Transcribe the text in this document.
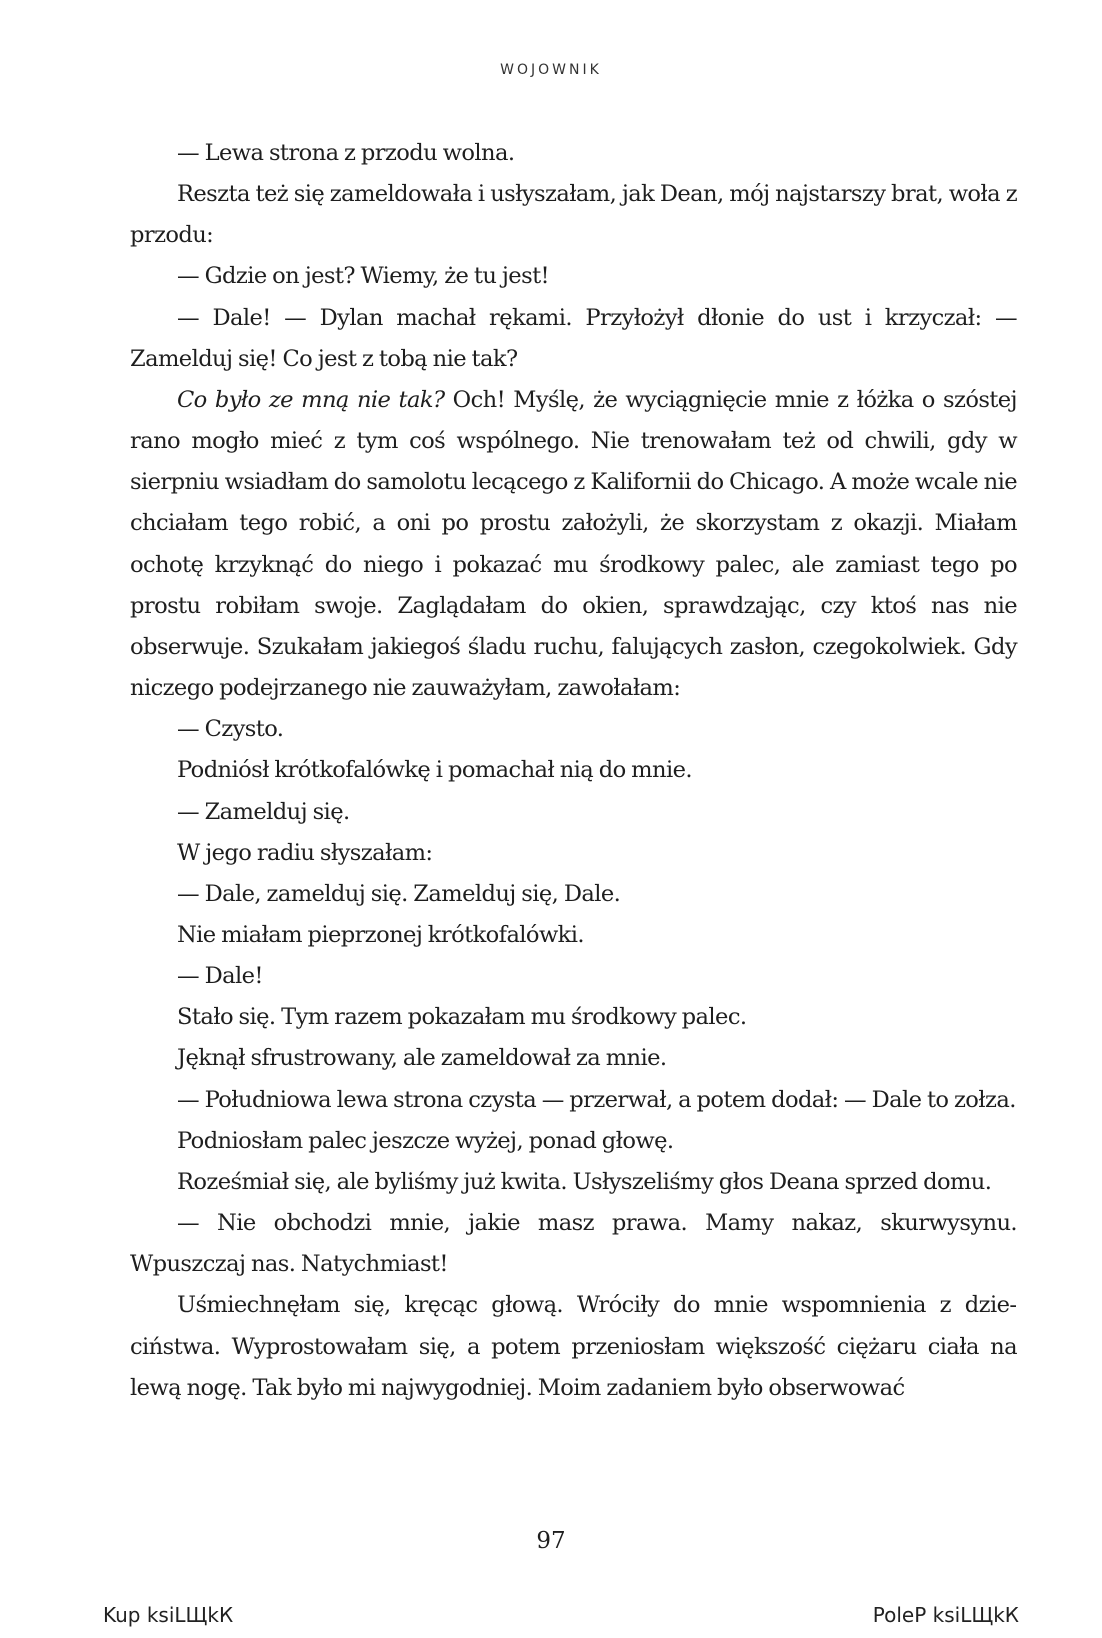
WOJOWNIK

— Lewa strona z przodu wolna.

Reszta też się zameldowała i usłyszałam, jak Dean, mój najstarszy brat, woła z przodu:

— Gdzie on jest? Wiemy, że tu jest!

— Dale! — Dylan machał rękami. Przyłożył dłonie do ust i krzyczał: — Zamelduj się! Co jest z tobą nie tak?

Co było ze mną nie tak? Och! Myślę, że wyciągnięcie mnie z łóżka o szóstej rano mogło mieć z tym coś wspólnego. Nie trenowałam też od chwili, gdy w sierpniu wsiadłam do samolotu lecącego z Kalifornii do Chicago. A może wcale nie chciałam tego robić, a oni po prostu założyli, że skorzystam z okazji. Miałam ochotę krzyknąć do niego i pokazać mu środkowy palec, ale zamiast tego po prostu robiłam swoje. Zaglądałam do okien, sprawdzając, czy ktoś nas nie obserwuje. Szukałam jakiegoś śladu ruchu, falujących zasłon, czegokolwiek. Gdy niczego podejrzanego nie zauważyłam, zawołałam:

— Czysto.

Podniósł krótkofalówkę i pomachał nią do mnie.

— Zamelduj się.

W jego radiu słyszałam:

— Dale, zamelduj się. Zamelduj się, Dale.

Nie miałam pieprzonej krótkofalówki.

— Dale!

Stało się. Tym razem pokazałam mu środkowy palec.

Jęknął sfrustrowany, ale zameldował za mnie.

— Południowa lewa strona czysta — przerwał, a potem dodał: — Dale to zołza.

Podniosłam palec jeszcze wyżej, ponad głowę.

Roześmiał się, ale byliśmy już kwita. Usłyszeliśmy głos Deana sprzed domu.

— Nie obchodzi mnie, jakie masz prawa. Mamy nakaz, skurwysynu. Wpuszczaj nas. Natychmiast!

Uśmiechnęłam się, kręcąc głową. Wróciły do mnie wspomnienia z dzieciństwa. Wyprostowałam się, a potem przeniosłam większość ciężaru ciała na lewą nogę. Tak było mi najwygodniej. Moim zadaniem było obserwować

97
Kup ksiLЩkК	PoleР ksiLЩkК
